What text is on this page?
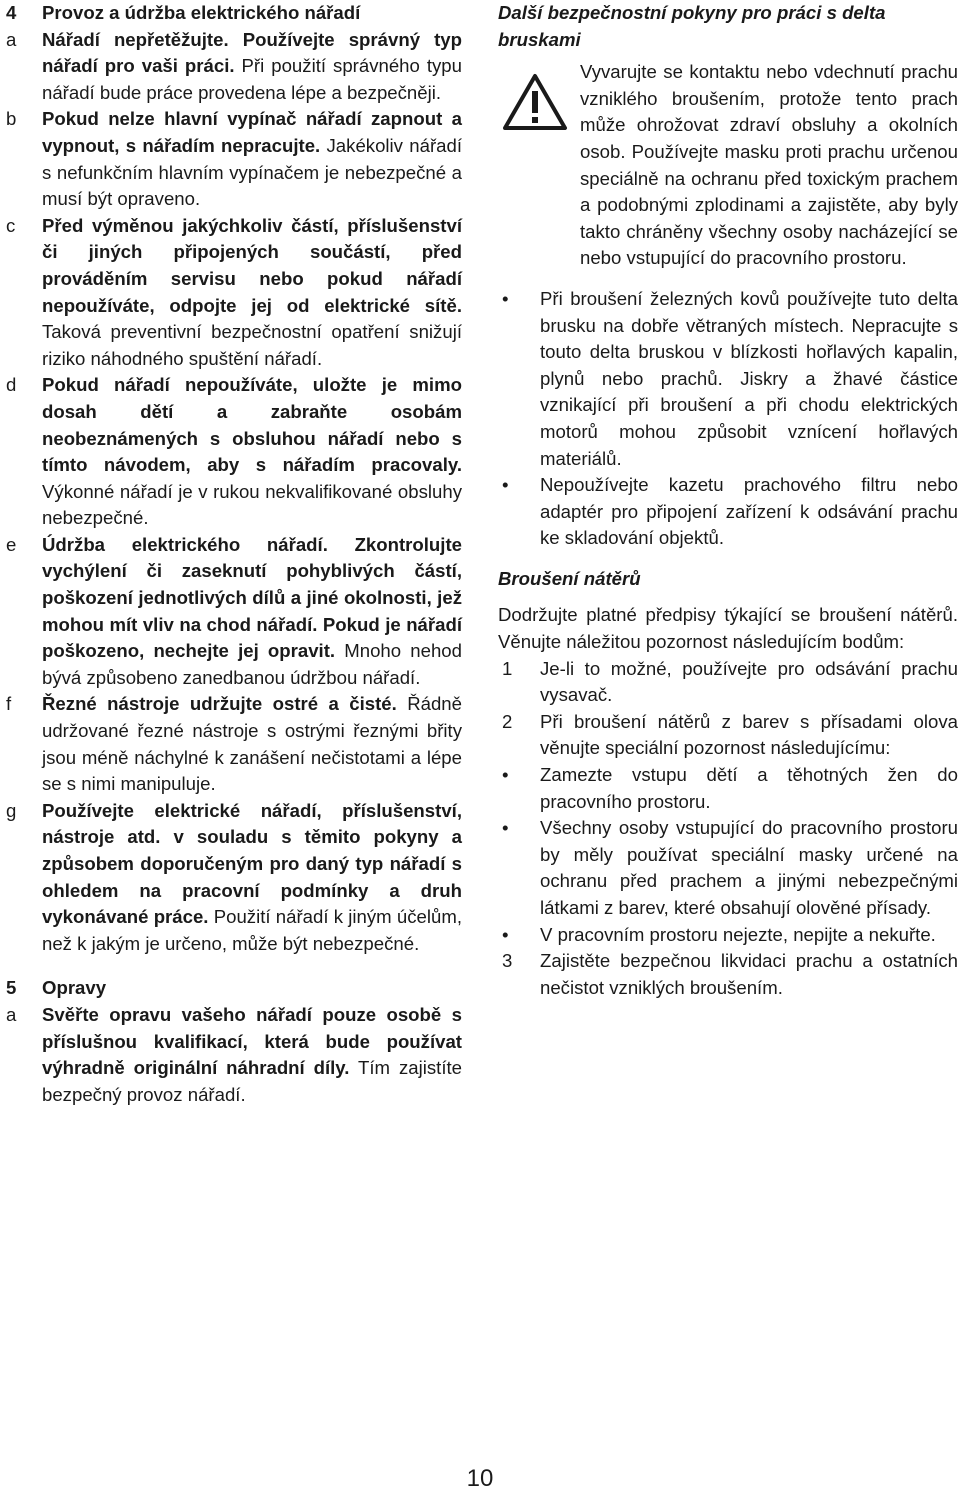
4	Provoz a údržba elektrického nářadí
a	Nářadí nepřetěžujte. Používejte správný typ nářadí pro vaši práci. Při použití správného typu nářadí bude práce provedena lépe a bezpečněji.
b	Pokud nelze hlavní vypínač nářadí zapnout a vypnout, s nářadím nepracujte. Jakékoliv nářadí s nefunkčním hlavním vypínačem je nebezpečné a musí být opraveno.
c	Před výměnou jakýchkoliv částí, příslušenství či jiných připojených součástí, před prováděním servisu nebo pokud nářadí nepoužíváte, odpojte jej od elektrické sítě. Taková preventivní bezpečnostní opatření snižují riziko náhodného spuštění nářadí.
d	Pokud nářadí nepoužíváte, uložte je mimo dosah dětí a zabraňte osobám neobeznámených s obsluhou nářadí nebo s tímto návodem, aby s nářadím pracovaly. Výkonné nářadí je v rukou nekvalifikované obsluhy nebezpečné.
e	Údržba elektrického nářadí. Zkontrolujte vychýlení či zaseknutí pohyblivých částí, poškození jednotlivých dílů a jiné okolnosti, jež mohou mít vliv na chod nářadí. Pokud je nářadí poškozeno, nechejte jej opravit. Mnoho nehod bývá způsobeno zanedbanou údržbou nářadí.
f	Řezné nástroje udržujte ostré a čisté. Řádně udržované řezné nástroje s ostrými řeznými břity jsou méně náchylné k zanášení nečistotami a lépe se s nimi manipuluje.
g	Používejte elektrické nářadí, příslušenství, nástroje atd. v souladu s těmito pokyny a způsobem doporučeným pro daný typ nářadí s ohledem na pracovní podmínky a druh vykonávané práce. Použití nářadí k jiným účelům, než k jakým je určeno, může být nebezpečné.
5	Opravy
a	Svěřte opravu vašeho nářadí pouze osobě s příslušnou kvalifikací, která bude používat výhradně originální náhradní díly. Tím zajistíte bezpečný provoz nářadí.
Další bezpečnostní pokyny pro práci s delta bruskami
Vyvarujte se kontaktu nebo vdechnutí prachu vzniklého broušením, protože tento prach může ohrožovat zdraví obsluhy a okolních osob. Používejte masku proti prachu určenou speciálně na ochranu před toxickým prachem a podobnými zplodinami a zajistěte, aby byly takto chráněny všechny osoby nacházející se nebo vstupující do pracovního prostoru.
•	Při broušení železných kovů používejte tuto delta brusku na dobře větraných místech. Nepracujte s touto delta bruskou v blízkosti hořlavých kapalin, plynů nebo prachů. Jiskry a žhavé částice vznikající při broušení a při chodu elektrických motorů mohou způsobit vznícení hořlavých materiálů.
•	Nepoužívejte kazetu prachového filtru nebo adaptér pro připojení zařízení k odsávání prachu ke skladování objektů.
Broušení nátěrů
Dodržujte platné předpisy týkající se broušení nátěrů. Věnujte náležitou pozornost následujícím bodům:
1	Je-li to možné, používejte pro odsávání prachu vysavač.
2	Při broušení nátěrů z barev s přísadami olova věnujte speciální pozornost následujícímu:
•	Zamezte vstupu dětí a těhotných žen do pracovního prostoru.
•	Všechny osoby vstupující do pracovního prostoru by měly používat speciální masky určené na ochranu před prachem a jinými nebezpečnými látkami z barev, které obsahují olověné přísady.
•	V pracovním prostoru nejezte, nepijte a nekuřte.
3	Zajistěte bezpečnou likvidaci prachu a ostatních nečistot vzniklých broušením.
10
